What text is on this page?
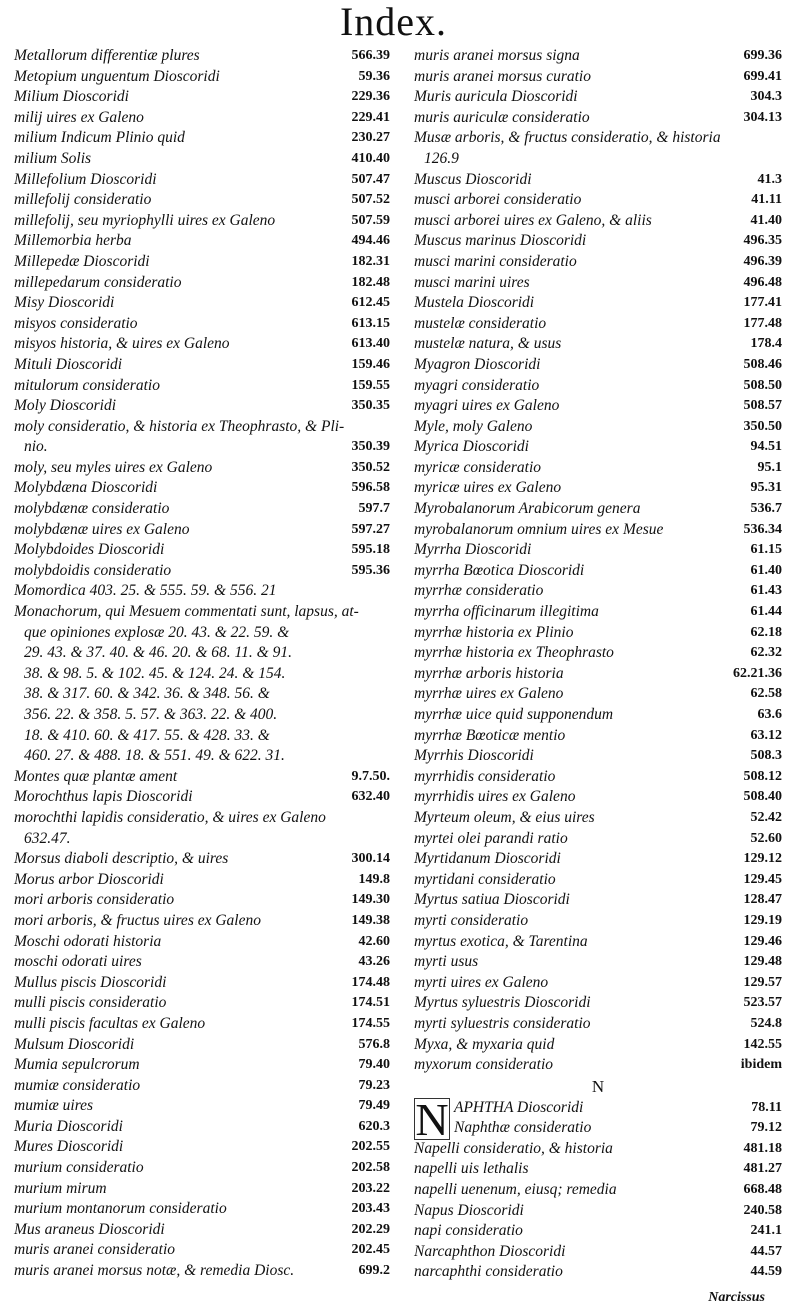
Index.
Metallorum differentiæ plures	566.39
Metopium unguentum Dioscoridi	59.36
Milium Dioscoridi	229.36
milij uires ex Galeno	229.41
milium Indicum Plinio quid	230.27
milium Solis	410.40
Millefolium Dioscoridi	507.47
millefolij consideratio	507.52
millefolij, seu myriophylli uires ex Galeno	507.59
Millemorbia herba	494.46
Millepedæ Dioscoridi	182.31
millepedarum consideratio	182.48
Misy Dioscoridi	612.45
misyos consideratio	613.15
misyos historia, & uires ex Galeno	613.40
Mituli Dioscoridi	159.46
mitulorum consideratio	159.55
Moly Dioscoridi	350.35
moly consideratio, & historia ex Theophrasto, & Pli-
nio.	350.39
moly, seu myles uires ex Galeno	350.52
Molybdæna Dioscoridi	596.58
molybdænæ consideratio	597.7
molybdænæ uires ex Galeno	597.27
Molybdoides Dioscoridi	595.18
molybdoidis consideratio	595.36
Momordica 403. 25. & 555. 59. & 556. 21
Monachorum, qui Mesuem commentati sunt, lapsus, at-
que opiniones explosæ 20. 43. & 22. 59. &
29. 43. & 37. 40. & 46. 20. & 68. 11. & 91.
38. & 98. 5. & 102. 45. & 124. 24. & 154.
38. & 317. 60. & 342. 36. & 348. 56. &
356. 22. & 358. 5. 57. & 363. 22. & 400.
18. & 410. 60. & 417. 55. & 428. 33. &
460. 27. & 488. 18. & 551. 49. & 622. 31.
Montes quæ plantæ ament	9.7.50.
Morochthus lapis Dioscoridi	632.40
morochthi lapidis consideratio, & uires ex Galeno
632.47.
Morsus diaboli descriptio, & uires	300.14
Morus arbor Dioscoridi	149.8
mori arboris consideratio	149.30
mori arboris, & fructus uires ex Galeno	149.38
Moschi odorati historia	42.60
moschi odorati uires	43.26
Mullus piscis Dioscoridi	174.48
mulli piscis consideratio	174.51
mulli piscis facultas ex Galeno	174.55
Mulsum Dioscoridi	576.8
Mumia sepulcrorum	79.40
mumiæ consideratio	79.23
mumiæ uires	79.49
Muria Dioscoridi	620.3
Mures Dioscoridi	202.55
murium consideratio	202.58
murium mirum	203.22
murium montanorum consideratio	203.43
Mus araneus Dioscoridi	202.29
muris aranei consideratio	202.45
muris aranei morsus notæ, & remedia Diosc.	699.2
muris aranei morsus signa	699.36
muris aranei morsus curatio	699.41
Muris auricula Dioscoridi	304.3
muris auriculæ consideratio	304.13
Musæ arboris, & fructus consideratio, & historia
126.9
Muscus Dioscoridi	41.3
musci arborei consideratio	41.11
musci arborei uires ex Galeno, & aliis	41.40
Muscus marinus Dioscoridi	496.35
musci marini consideratio	496.39
musci marini uires	496.48
Mustela Dioscoridi	177.41
mustelæ consideratio	177.48
mustelæ natura, & usus	178.4
Myagron Dioscoridi	508.46
myagri consideratio	508.50
myagri uires ex Galeno	508.57
Myle, moly Galeno	350.50
Myrica Dioscoridi	94.51
myricæ consideratio	95.1
myricæ uires ex Galeno	95.31
Myrobalanorum Arabicorum genera	536.7
myrobalanorum omnium uires ex Mesue	536.34
Myrrha Dioscoridi	61.15
myrrha Bœotica Dioscoridi	61.40
myrrhæ consideratio	61.43
myrrha officinarum illegitima	61.44
myrrhæ historia ex Plinio	62.18
myrrhæ historia ex Theophrasto	62.32
myrrhæ arboris historia	62.21.36
myrrhæ uires ex Galeno	62.58
myrrhæ uice quid supponendum	63.6
myrrhæ Bœoticæ mentio	63.12
Myrrhis Dioscoridi	508.3
myrrhidis consideratio	508.12
myrrhidis uires ex Galeno	508.40
Myrteum oleum, & eius uires	52.42
myrtei olei parandi ratio	52.60
Myrtidanum Dioscoridi	129.12
myrtidani consideratio	129.45
Myrtus satiua Dioscoridi	128.47
myrti consideratio	129.19
myrtus exotica, & Tarentina	129.46
myrti usus	129.48
myrti uires ex Galeno	129.57
Myrtus syluestris Dioscoridi	523.57
myrti syluestris consideratio	524.8
Myxa, & myxaria quid	142.55
myxorum consideratio	ibidem
N
N APHTHA Dioscoridi	78.11
Naphthæ consideratio	79.12
Napelli consideratio, & historia	481.18
napelli uis lethalis	481.27
napelli uenenum, eiusq; remedia	668.48
Napus Dioscoridi	240.58
napi consideratio	241.1
Narcaphthon Dioscoridi	44.57
narcaphthi consideratio	44.59
Narcissus
